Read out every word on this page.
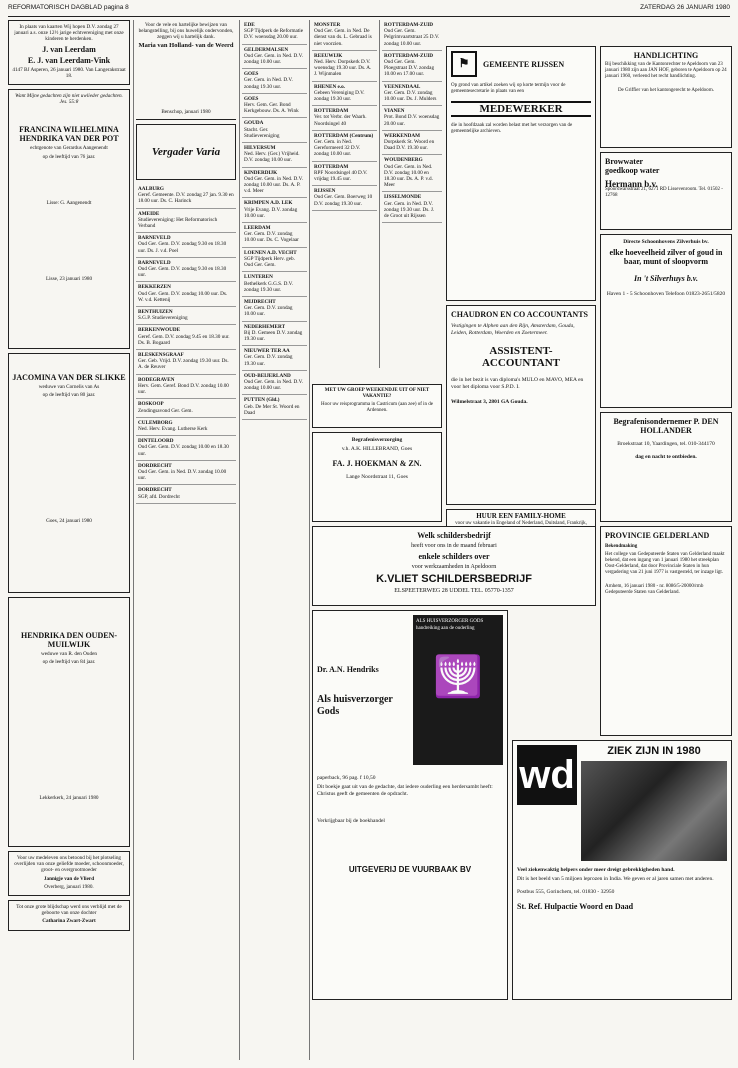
REFORMATORISCH DAGBLAD pagina 8	ZATERDAG 26 JANUARI 1980

In plaats van kaarten Wij hopen D.V. zondag 27 januari a.s. onze 12½ jarige echtvereniging met onze kinderen te herdenken.

J. van Leerdam

E. J. van Leerdam-Vink

4147 BJ Asperen, 26 januari 1980. Van Langerakstraat 18.

Want Mijne gedachten zijn niet uwlieder gedachten. Jes. 55:8

FRANCINA WILHELMINA HENDRIKA VAN DER POT

echtgenote van Gerardus Aangenendt

op de leeftijd van 76 jaar.

Lisse: G. Aangenendt

Lisse, 23 januari 1980

JACOMINA VAN DER SLIKKE

weduwe van Cornelis van As

op de leeftijd van 80 jaar.

Goes, 24 januari 1980

HENDRIKA DEN OUDEN-MUILWIJK

weduwe van R. den Ouden

op de leeftijd van 84 jaar.

Lekkerkerk, 24 januari 1980

Voor uw medeleven ons betoond bij het plotseling overlijden van onze geliefde moeder, schoonmoeder, groot- en overgrootmoeder

Jannigje van de Vlierd

Overberg, januari 1980.

Tot onze grote blijdschap werd ons verblijd met de geboorte van onze dochter

Catharina Zwart-Zwart

Voor de vele en hartelijke bewijzen van belangstelling, bij ons huwelijk ondervonden, zeggen wij u hartelijk dank.

Maria van Holland- van de Weerd

Benschop, januari 1980

Vergader Varia
AALBURG
Geref. Gemeente. D.V. zondag 27 jan. 9.30 en 18.00 uur. Ds. C. Harinck
AMEIDE
Studievereniging: Het Reformatorisch Verband
BARNEVELD
Oud Ger. Gem. D.V. zondag 9.30 en 18.30 uur. Ds. J. v.d. Poel
BARNEVELD
Oud Ger. Gem. D.V. zondag 9.30 en 18.30 uur.
BEKKERZEN
Oud Ger. Gem. D.V. zondag 10.00 uur. Ds. W. v.d. Kettenij
BENTHUIZEN
S.G.P. Studievereniging
BERKENWOUDE
Geref. Gem. D.V. zondag 9.45 en 18.30 uur. Ds. B. Bogaard
BLESKENSGRAAF
Ger. Geb. Vrijd. D.V. zondag 19.30 uur. Ds. A. de Reuver
BODEGRAVEN
Herv. Gem. Geref. Bond D.V. zondag 10.00 uur.
BOSKOOP
Zendingsavond Ger. Gem.
CULEMBORG
Ned. Herv. Evang. Lutherse Kerk
DINTELOORD
Oud Ger. Gem. D.V. zondag 10.00 en 18.30 uur.
DORDRECHT
Oud Ger. Gem. in Ned. D.V. zondag 10.00 uur.
DORDRECHT
SGP, afd. Dordrecht
EDE
SGP Tijdperk de Reformatie D.V. woensdag 20.00 uur.
GELDERMALSEN
Oud Ger. Gem. in Ned. D.V. zondag 10.00 uur.
GOES
Ger. Gem. in Ned. D.V. zondag 19.30 uur.
GOES
Herv. Gem. Ger. Bond Kerkgebouw. Ds. A. Wink
GOUDA
Stacht. Ger. Studievereniging
HILVERSUM
Ned. Herv. (Ger.) Vrijheid. D.V. zondag 10.00 uur.
KINDERDIJK
Oud Ger. Gem. in Ned. D.V. zondag 10.00 uur. Ds. A. P. v.d. Meer
KRIMPEN A.D. LEK
Vrije Evang. D.V. zondag 10.00 uur.
LEERDAM
Ger. Gem. D.V. zondag 10.00 uur. Ds. C. Vogelaar
LOENEN A.D. VECHT
SGP Tijdperk Herv. geb. Oud Ger. Gem.
LUNTEREN
Bethelkerk G.G.S. D.V. zondag 19.30 uur.
MIJDRECHT
Ger. Gem. D.V. zondag 10.00 uur.
NEDERHEMERT
Bij D. Gemeen D.V. zondag 19.30 uur.
NIEUWER TER AA
Ger. Gem. D.V. zondag 19.30 uur.
OUD-BEIJERLAND
Oud Ger. Gem. in Ned. D.V. zondag 10.00 uur.
PUTTEN (Gld.)
Geb. De Mer St. Woord en Daad
MONSTER
Oud Ger. Gem. in Ned. De dienst van ds. L. Gebraad is niet voorzien.
REEUWIJK
Ned. Herv. Dorpskerk D.V. woensdag 19.30 uur. Ds. A. J. Wijnmalen
RHENEN e.o.
Gebeen Vereniging D.V. zondag 19.30 uur.
ROTTERDAM
Ver. tot Verbr. der Waarh. Noordsingel 40
ROTTERDAM (Centrum)
Ger. Gem. in Ned. Gereformeerd 32 D.V. zondag 10.00 uur.
ROTTERDAM
RPF Noordsingel 40 D.V. vrijdag 19.45 uur.
RIJSSEN
Oud Ger. Gem. Boerweg 10 D.V. zondag 19.30 uur.
ROTTERDAM-ZUID
Oud Ger. Gem. Pelgrimvaartstraat 25 D.V. zondag 10.00 uur.
ROTTERDAM-ZUID
Oud Ger. Gem. Ploegstraat D.V. zondag 10.00 en 17.00 uur.
VEENENDAAL
Ger. Gem. D.V. zondag 10.00 uur. Ds. J. Mulders
VIANEN
Prot. Bond D.V. woensdag 20.00 uur.
WERKENDAM
Dorpskerk St. Woord en Daad D.V. 19.30 uur.
WOUDENBERG
Oud Ger. Gem. in Ned. D.V. zondag 10.00 en 18.30 uur. Ds. A. P. v.d. Meer
IJSSELMONDE
Ger. Gem. in Ned. D.V. zondag 19.30 uur. Ds. J. de Groot uit Rijssen

MET UW GROEP WEEKENDJE UIT OF NIET VAKANTIE?

Hoor uw reisprogramma in Castricum (aan zee) of in de Ardennen.

Begrafenisverzorging

v.h. A.K. HILLEBRAND, Goes

FA. J. HOEKMAN & ZN.

Lange Noordstraat 11, Goes

⚑	GEMEENTE RIJSSEN

Op grond van artikel zoeken wij op korte termijn voor de gemeentesecretarie in plaats van een

MEDEWERKER

die in hoofdzaak zal worden belast met het verzorgen van de gemeentelijke archieven.

HANDLICHTING

Bij beschikking van de Kantonrechter te Apeldoorn van 23 januari 1980 zijn aan JAN HOF, geboren te Apeldoorn op 24 januari 1960, verleend het recht handlichting.

De Griffier van het kantongerecht te Apeldoorn.

Browwater goedkoop water

Hermann b.v.

Spoordwarsstraat 21, 6271 RD Lissevenroom. Tel. 01502 - 12768

Directe Schoonhovens Zilverhuis bv.

elke hoeveelheid zilver of goud in baar, munt of sloopvorm

In 't Silverhuys b.v.

Haven 1 - 5 Schoonhoven Telefoon 01823-2651/5820

Begrafenisondernemer P. DEN HOLLANDER

Broekstraat 10, Yaardingen, tel. 010-344170

dag en nacht te ontbieden.

CHAUDRON EN CO ACCOUNTANTS

Vestigingen te Alphen aan den Rijn, Amsterdam, Gouda, Leiden, Rotterdam, Woerden en Zoetermeer.

ASSISTENT-ACCOUNTANT

die in het bezit is van diploma's MULO en MAVO, MEA en voor het diploma voor S.P.D. I.

Wilmelstraat 3, 2801 GA Gouda.

HUUR EEN FAMILY-HOME

voor uw vakantie in Engeland of Nederland, Duitsland, Frankrijk,

Welk schildersbedrijf

heeft voor ons in de maand februari

enkele schilders over

voor werkzaamheden in Apeldoorn

K.VLIET SCHILDERSBEDRIJF

ELSPEETERWEG 28 UDDEL TEL. 05770-1357

PROVINCIE GELDERLAND

Bekendmaking

Het college van Gedeputeerde Staten van Gelderland maakt bekend, dat een ingang van 1 januari 1980 het streekplan Oost-Gelderland, dat door Provinciale Staten in hun vergadering van 21 juni 1977 is vastgesteld, ter inzage ligt.

Arnhem, 16 januari 1980 - nr. 8086/5-20000/rmb Gedeputeerde Staten van Gelderland.

Dr. A.N. Hendriks

Als huisverzorger Gods

ALS HUISVERZORGER GODS handreiking aan de ouderling

🕎

paperback, 96 pag. f 10,50

Dit boekje gaat uit van de gedachte, dat iedere ouderling een herdersambt heeft: Christus geeft de gemeenten de opdracht.

Verkrijgbaar bij de boekhandel

UITGEVERIJ DE VUURBAAK BV

wd

ZIEK ZIJN IN 1980

Veel ziekenwaktig helpers onder meer dreigt gebrekkigheden hand.

Dit is het beeld van 5 miljoen leprozen in India. We geven er al jaren samen met anderen.

Postbus 555, Gorinchem, tel. 01830 - 32950

St. Ref. Hulpactie Woord en Daad
